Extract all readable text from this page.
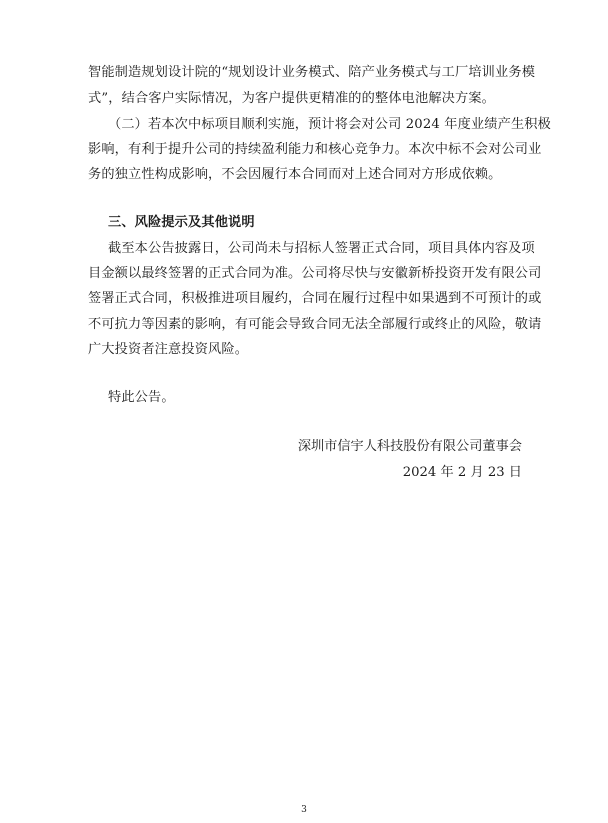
智能制造规划设计院的“规划设计业务模式、陪产业务模式与工厂培训业务模
式”，结合客户实际情况，为客户提供更精准的的整体电池解决方案。
（二）若本次中标项目顺利实施，预计将会对公司 2024 年度业绩产生积极
影响，有利于提升公司的持续盈利能力和核心竞争力。本次中标不会对公司业
务的独立性构成影响，不会因履行本合同而对上述合同对方形成依赖。
三、风险提示及其他说明
截至本公告披露日，公司尚未与招标人签署正式合同，项目具体内容及项
目金额以最终签署的正式合同为准。公司将尽快与安徽新桥投资开发有限公司
签署正式合同，积极推进项目履约，合同在履行过程中如果遇到不可预计的或
不可抗力等因素的影响，有可能会导致合同无法全部履行或终止的风险，敬请
广大投资者注意投资风险。
特此公告。
深圳市信宇人科技股份有限公司董事会
2024 年 2 月 23 日
3
